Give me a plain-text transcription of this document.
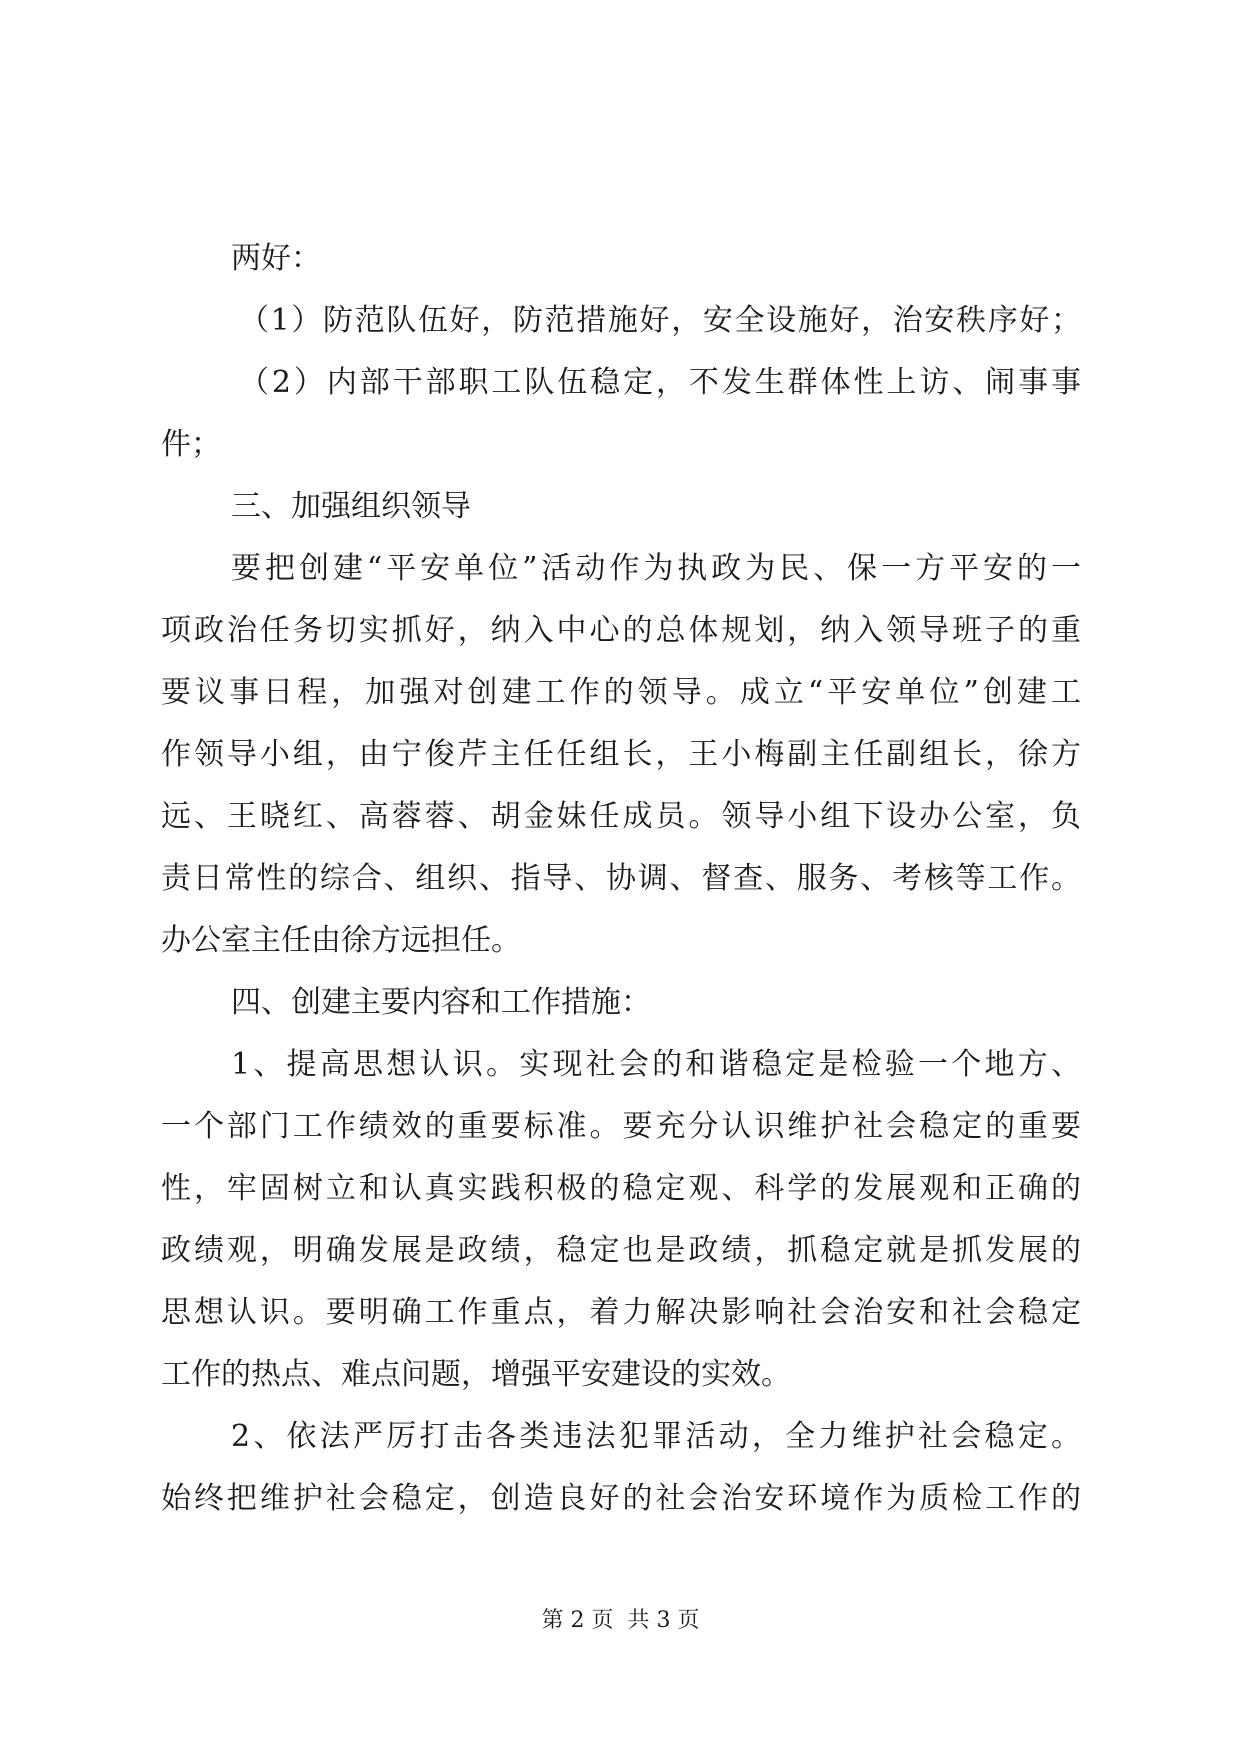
两好：
（1）防范队伍好，防范措施好，安全设施好，治安秩序好；
（2）内部干部职工队伍稳定，不发生群体性上访、闹事事
件；
三、加强组织领导
要把创建“平安单位”活动作为执政为民、保一方平安的一
项政治任务切实抓好，纳入中心的总体规划，纳入领导班子的重
要议事日程，加强对创建工作的领导。成立“平安单位”创建工
作领导小组，由宁俊芹主任任组长，王小梅副主任副组长，徐方
远、王晓红、高蓉蓉、胡金妹任成员。领导小组下设办公室，负
责日常性的综合、组织、指导、协调、督查、服务、考核等工作。
办公室主任由徐方远担任。
四、创建主要内容和工作措施：
1、提高思想认识。实现社会的和谐稳定是检验一个地方、
一个部门工作绩效的重要标准。要充分认识维护社会稳定的重要
性，牢固树立和认真实践积极的稳定观、科学的发展观和正确的
政绩观，明确发展是政绩，稳定也是政绩，抓稳定就是抓发展的
思想认识。要明确工作重点，着力解决影响社会治安和社会稳定
工作的热点、难点问题，增强平安建设的实效。
2、依法严厉打击各类违法犯罪活动，全力维护社会稳定。
始终把维护社会稳定，创造良好的社会治安环境作为质检工作的
第 2 页  共 3 页
